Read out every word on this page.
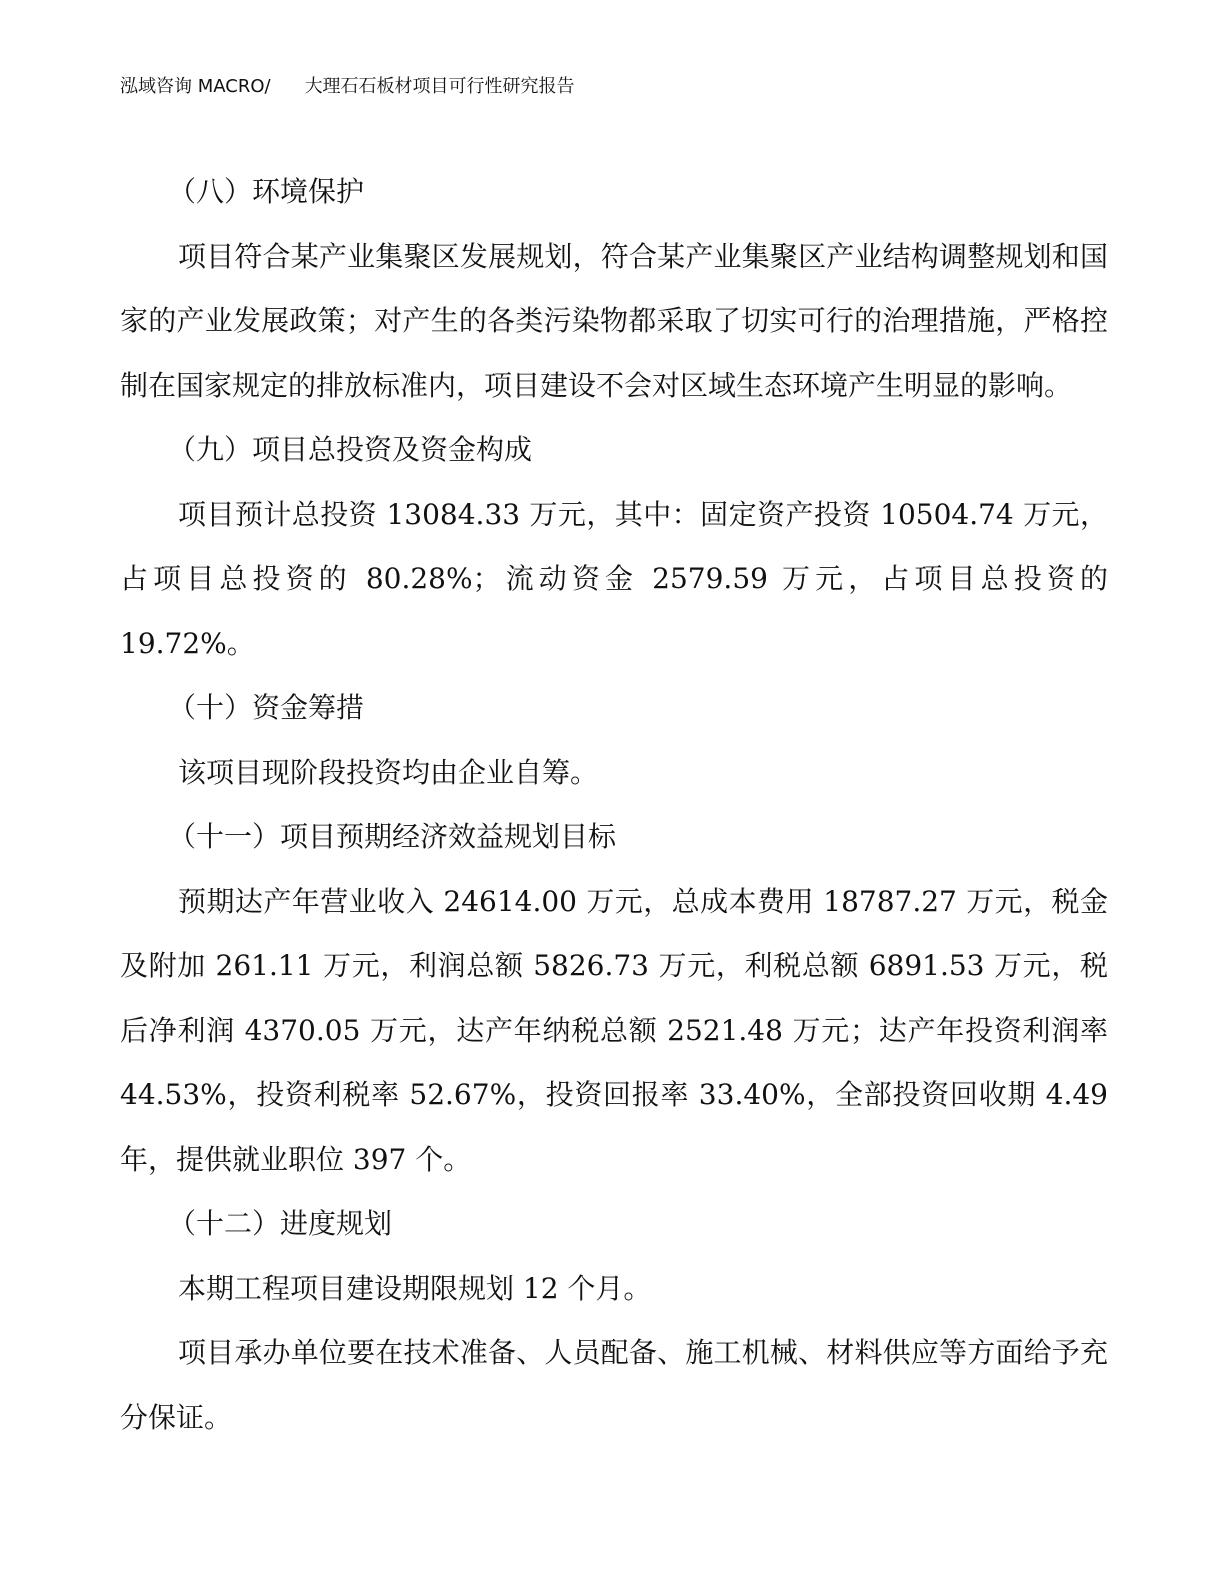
泓域咨询 MACRO/ 大理石石板材项目可行性研究报告

（八）环境保护

项目符合某产业集聚区发展规划，符合某产业集聚区产业结构调整规划和国家的产业发展政策；对产生的各类污染物都采取了切实可行的治理措施，严格控制在国家规定的排放标准内，项目建设不会对区域生态环境产生明显的影响。

（九）项目总投资及资金构成

项目预计总投资 13084.33 万元，其中：固定资产投资 10504.74 万元，占项目总投资的 80.28%；流动资金 2579.59 万元，占项目总投资的 19.72%。

（十）资金筹措

该项目现阶段投资均由企业自筹。

（十一）项目预期经济效益规划目标

预期达产年营业收入 24614.00 万元，总成本费用 18787.27 万元，税金及附加 261.11 万元，利润总额 5826.73 万元，利税总额 6891.53 万元，税后净利润 4370.05 万元，达产年纳税总额 2521.48 万元；达产年投资利润率 44.53%，投资利税率 52.67%，投资回报率 33.40%，全部投资回收期 4.49 年，提供就业职位 397 个。

（十二）进度规划

本期工程项目建设期限规划 12 个月。

项目承办单位要在技术准备、人员配备、施工机械、材料供应等方面给予充分保证。
